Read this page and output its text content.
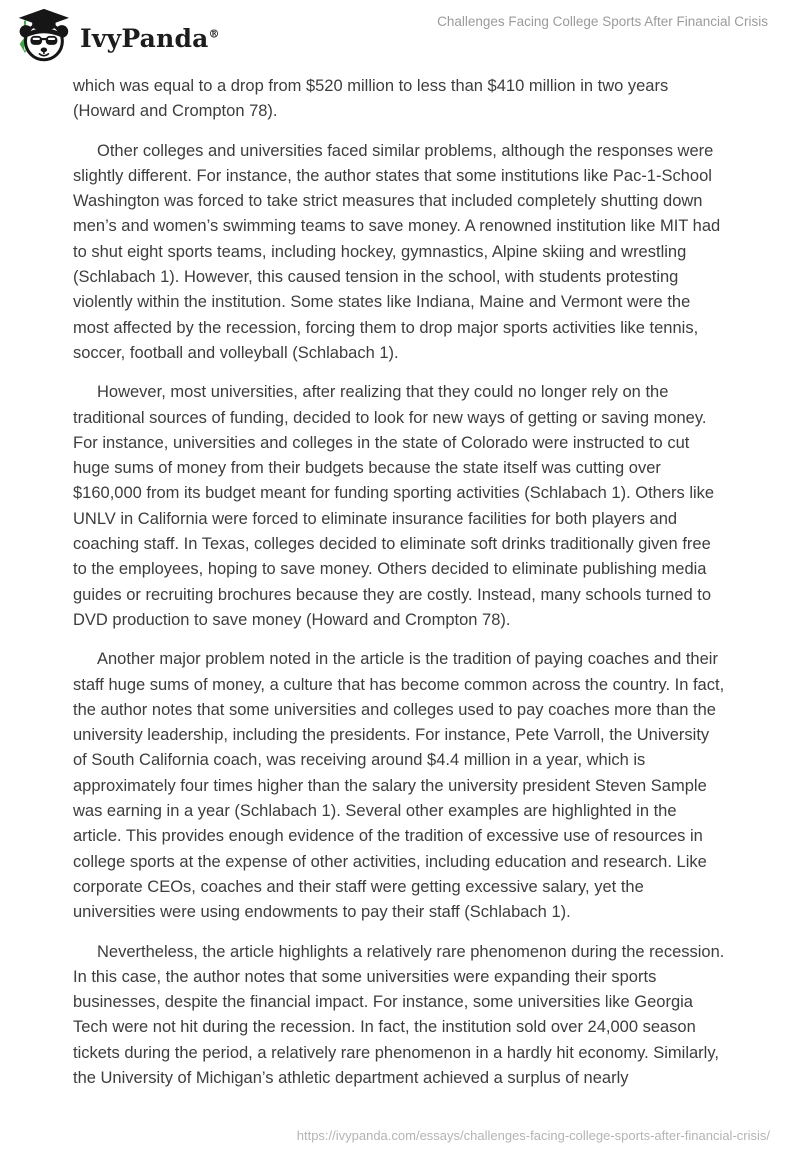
IvyPanda®
Challenges Facing College Sports After Financial Crisis

which was equal to a drop from $520 million to less than $410 million in two years (Howard and Crompton 78).

Other colleges and universities faced similar problems, although the responses were slightly different. For instance, the author states that some institutions like Pac-1-School Washington was forced to take strict measures that included completely shutting down men’s and women’s swimming teams to save money. A renowned institution like MIT had to shut eight sports teams, including hockey, gymnastics, Alpine skiing and wrestling (Schlabach 1). However, this caused tension in the school, with students protesting violently within the institution. Some states like Indiana, Maine and Vermont were the most affected by the recession, forcing them to drop major sports activities like tennis, soccer, football and volleyball (Schlabach 1).

However, most universities, after realizing that they could no longer rely on the traditional sources of funding, decided to look for new ways of getting or saving money. For instance, universities and colleges in the state of Colorado were instructed to cut huge sums of money from their budgets because the state itself was cutting over $160,000 from its budget meant for funding sporting activities (Schlabach 1). Others like UNLV in California were forced to eliminate insurance facilities for both players and coaching staff. In Texas, colleges decided to eliminate soft drinks traditionally given free to the employees, hoping to save money. Others decided to eliminate publishing media guides or recruiting brochures because they are costly. Instead, many schools turned to DVD production to save money (Howard and Crompton 78).

Another major problem noted in the article is the tradition of paying coaches and their staff huge sums of money, a culture that has become common across the country. In fact, the author notes that some universities and colleges used to pay coaches more than the university leadership, including the presidents. For instance, Pete Varroll, the University of South California coach, was receiving around $4.4 million in a year, which is approximately four times higher than the salary the university president Steven Sample was earning in a year (Schlabach 1). Several other examples are highlighted in the article. This provides enough evidence of the tradition of excessive use of resources in college sports at the expense of other activities, including education and research. Like corporate CEOs, coaches and their staff were getting excessive salary, yet the universities were using endowments to pay their staff (Schlabach 1).

Nevertheless, the article highlights a relatively rare phenomenon during the recession. In this case, the author notes that some universities were expanding their sports businesses, despite the financial impact. For instance, some universities like Georgia Tech were not hit during the recession. In fact, the institution sold over 24,000 season tickets during the period, a relatively rare phenomenon in a hardly hit economy. Similarly, the University of Michigan’s athletic department achieved a surplus of nearly

https://ivypanda.com/essays/challenges-facing-college-sports-after-financial-crisis/
